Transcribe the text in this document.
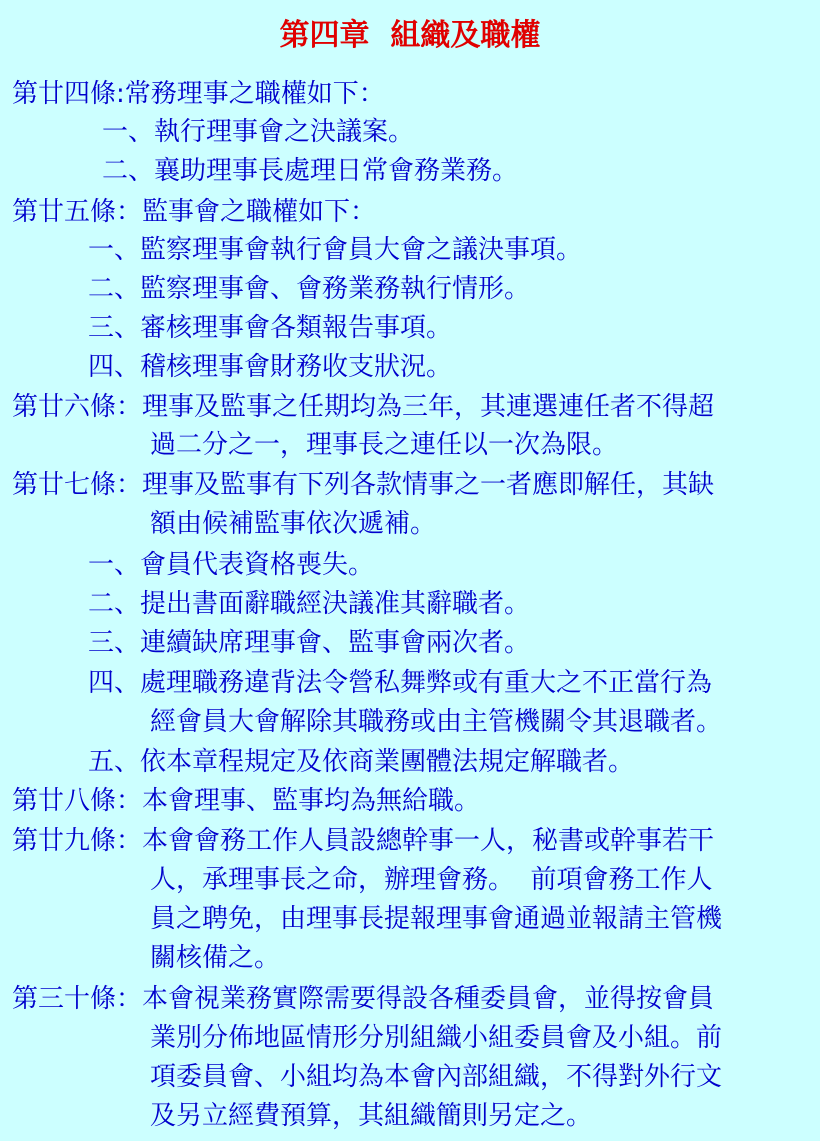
第四章  組織及職權
第廿四條:常務理事之職權如下：
一、執行理事會之決議案。
二、襄助理事長處理日常會務業務。
第廿五條：監事會之職權如下：
一、監察理事會執行會員大會之議決事項。
二、監察理事會、會務業務執行情形。
三、審核理事會各類報告事項。
四、稽核理事會財務收支狀況。
第廿六條：理事及監事之任期均為三年，其連選連任者不得超
過二分之一，理事長之連任以一次為限。
第廿七條：理事及監事有下列各款情事之一者應即解任，其缺
額由候補監事依次遞補。
一、會員代表資格喪失。
二、提出書面辭職經決議准其辭職者。
三、連續缺席理事會、監事會兩次者。
四、處理職務違背法令營私舞弊或有重大之不正當行為
經會員大會解除其職務或由主管機關令其退職者。
五、依本章程規定及依商業團體法規定解職者。
第廿八條：本會理事、監事均為無給職。
第廿九條：本會會務工作人員設總幹事一人，秘書或幹事若干
人，承理事長之命，辦理會務。  前項會務工作人
員之聘免，由理事長提報理事會通過並報請主管機
關核備之。
第三十條：本會視業務實際需要得設各種委員會，並得按會員
業別分佈地區情形分別組織小組委員會及小組。前
項委員會、小組均為本會內部組織，不得對外行文
及另立經費預算，其組織簡則另定之。
